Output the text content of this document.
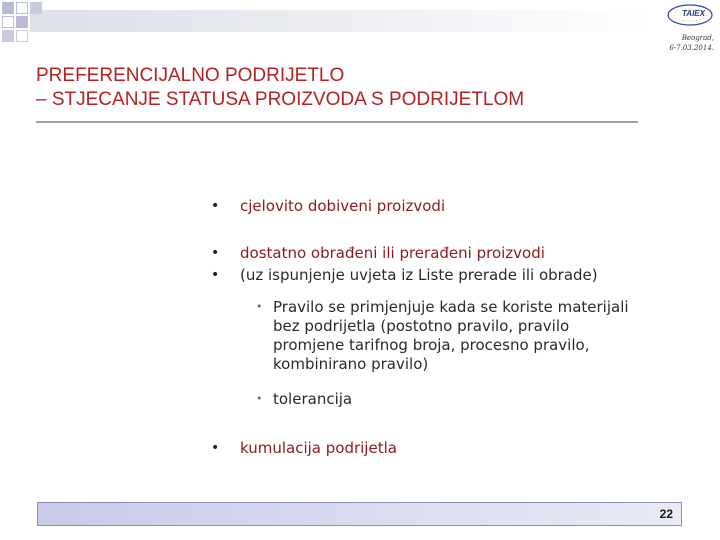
TAIEX
Beograd,
6-7.03.2014.
PREFERENCIJALNO PODRIJETLO
– STJECANJE STATUSA PROIZVODA S PODRIJETLOM
• cjelovito dobiveni proizvodi
• dostatno obrađeni ili prerađeni proizvodi
• (uz ispunjenje uvjeta iz Liste prerade ili obrade)
• Pravilo se primjenjuje kada se koriste materijali
bez podrijetla (postotno pravilo, pravilo
promjene tarifnog broja, procesno pravilo,
kombinirano pravilo)
• tolerancija
• kumulacija podrijetla
22
